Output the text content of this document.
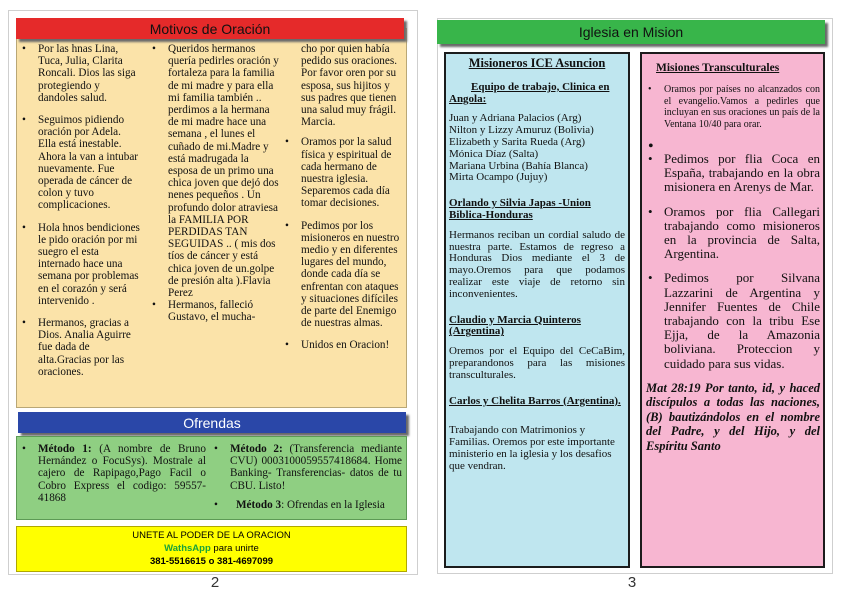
Motivos de Oración

• Por las hnas Lina, Tuca, Julia, Clarita Roncali. Dios las siga protegiendo y dandoles salud.

• Seguimos pidiendo oración por Adela. Ella está inestable. Ahora la van a intubar nuevamente. Fue operada de cáncer de colon y tuvo complicaciones.

• Hola hnos bendiciones le pido oración por mi suegro el esta internado hace una semana por problemas en el corazón y será intervenido .

• Hermanos, gracias a Dios. Analia Aguirre fue dada de alta.Gracias por las oraciones.

• Queridos hermanos quería pedirles oración y fortaleza para la familia de mi madre y para ella mi familia también .. perdimos a la hermana de mi madre hace una semana , el lunes el cuñado de mi.Madre y está madrugada la esposa de un primo una chica joven que dejó dos nenes pequeños . Un profundo dolor atraviesa la FAMILIA POR PERDIDAS TAN SEGUIDAS .. ( mis dos tíos de cáncer y está chica joven de un.golpe de presión alta ).Flavia Perez

• Hermanos, falleció Gustavo, el mucha-

cho por quien había pedido sus oraciones. Por favor oren por su esposa, sus hijitos y sus padres que tienen una salud muy frágil. Marcia.

• Oramos por la salud física y espiritual de cada hermano de nuestra iglesia. Separemos cada día tomar decisiones.

• Pedimos por los misioneros en nuestro medio y en diferentes lugares del mundo, donde cada día se enfrentan con ataques y situaciones difíciles de parte del Enemigo de nuestras almas.

• Unidos en Oracion!

Ofrendas

• Método 1: (A nombre de Bruno Hernández o FocuSys). Mostrale al cajero de Rapipago,Pago Facil o Cobro Express el codigo: 59557-41868

• Método 2: (Transferencia mediante CVU) 0003100059557418684. Home Banking- Transferencias- datos de tu CBU. Listo!

• Método 3: Ofrendas en la Iglesia

UNETE AL PODER DE LA ORACION
WathsApp para unirte
381-5516615 o 381-4697099
2
Iglesia en Mision
Misioneros ICE Asuncion
Equipo de trabajo, Clinica en Angola:
Juan y Adriana Palacios (Arg)
Nilton y Lizzy Amuruz (Bolivia)
Elizabeth y Sarita Rueda (Arg)
Mónica Díaz (Salta)
Mariana Urbina (Bahía Blanca)
Mirta Ocampo (Jujuy)
Orlando y Silvia Japas -Union Biblica-Honduras
Hermanos reciban un cordial saludo de nuestra parte. Estamos de regreso a Honduras Dios mediante el 3 de mayo.Oremos para que podamos realizar este viaje de retorno sin inconvenientes.
Claudio y Marcia Quinteros (Argentina)
Oremos por el Equipo del CeCaBim, preparandonos para las misiones transculturales.
Carlos y Chelita Barros (Argentina).
Trabajando con Matrimonios y Familias. Oremos por este importante ministerio en la iglesia y los desafios que vendran.
Misiones Transculturales

• Oramos por países no alcanzados con el evangelio.Vamos a pedirles que incluyan en sus oraciones un país de la Ventana 10/40 para orar.

•

• Pedimos por flia Coca en España, trabajando en la obra misionera en Arenys de Mar.

• Oramos por flia Callegari trabajando como misioneros en la provincia de Salta, Argentina.

• Pedimos por Silvana Lazzarini de Argentina y Jennifer Fuentes de Chile trabajando con la tribu Ese Ejja, de la Amazonia boliviana. Proteccion y cuidado para sus vidas.

Mat 28:19 Por tanto, id, y haced discípulos a todas las naciones,(B) bautizándolos en el nombre del Padre, y del Hijo, y del Espíritu Santo
3
